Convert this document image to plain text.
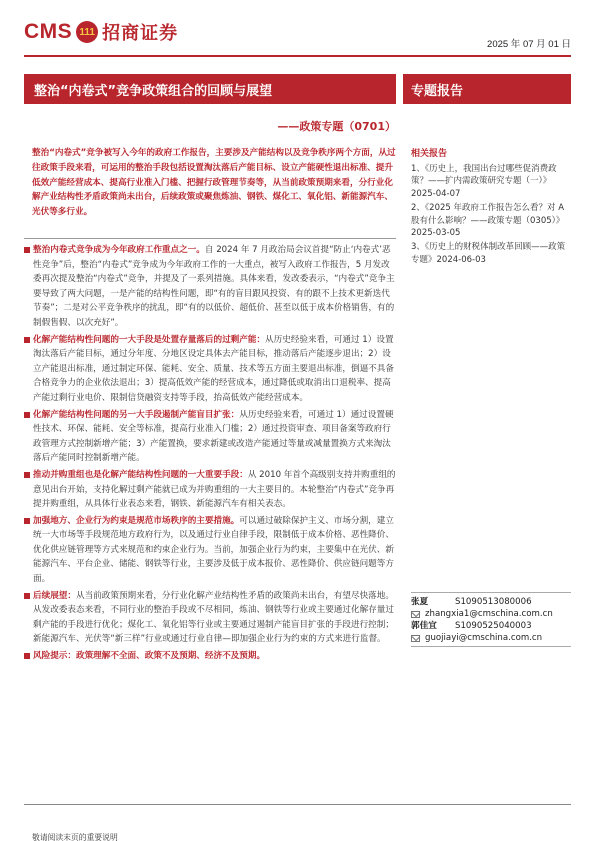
CMS 111 招商证券
2025 年 07 月 01 日
整治“内卷式”竞争政策组合的回顾与展望	专题报告
——政策专题（0701）
整治“内卷式”竞争被写入今年的政府工作报告，主要涉及产能结构以及竞争秩序两个方面，从过往政策手段来看，可运用的整治手段包括设置淘汰落后产能目标、设立产能硬性退出标准、提升低效产能经营成本、提高行业准入门槛、把握行政管理节奏等，从当前政策预期来看，分行业化解产业结构性矛盾政策尚未出台，后续政策或聚焦炼油、钢铁、煤化工、氧化铝、新能源汽车、光伏等多行业。
整治内卷式竞争成为今年政府工作重点之一。自 2024 年 7 月政治局会议首提“防止‘内卷式’恶性竞争”后，整治“内卷式”竞争成为今年政府工作的一大重点，被写入政府工作报告，5 月发改委再次提及整治“内卷式”竞争，并提及了一系列措施。具体来看，发改委表示，“内卷式”竞争主要导致了两大问题，一是产能的结构性问题，即“有的盲目跟风投资、有的跟不上技术更新迭代节奏”；二是对公平竞争秩序的扰乱，即“有的以低价、超低价、甚至以低于成本价格销售，有的制假售假、以次充好”。
化解产能结构性问题的一大手段是处置存量落后的过剩产能：从历史经验来看，可通过 1）设置淘汰落后产能目标，通过分年度、分地区设定具体去产能目标，推动落后产能逐步退出；2）设立产能退出标准，通过制定环保、能耗、安全、质量、技术等五方面主要退出标准，倒逼不具备合格竞争力的企业依法退出；3）提高低效产能的经营成本，通过降低或取消出口退税率、提高产能过剩行业电价、限制信贷融资支持等手段，抬高低效产能经营成本。
化解产能结构性问题的另一大手段遏制产能盲目扩张：从历史经验来看，可通过 1）通过设置硬性技术、环保、能耗、安全等标准，提高行业准入门槛；2）通过投资审查、项目备案等政府行政管理方式控制新增产能；3）产能置换，要求新建或改造产能通过等量或减量置换方式来淘汰落后产能同时控制新增产能。
推动并购重组也是化解产能结构性问题的一大重要手段：从 2010 年首个高级别支持并购重组的意见出台开始，支持化解过剩产能就已成为并购重组的一大主要目的。本轮整治“内卷式”竞争再提并购重组，从具体行业表态来看，钢铁、新能源汽车有相关表态。
加强地方、企业行为约束是规范市场秩序的主要措施。可以通过破除保护主义、市场分割，建立统一大市场等手段规范地方政府行为，以及通过行业自律手段，限制低于成本价格、恶性降价、优化供应链管理等方式来规范和约束企业行为。当前，加强企业行为约束，主要集中在光伏、新能源汽车、平台企业、储能、钢铁等行业，主要涉及低于成本报价、恶性降价、供应链问题等方面。
后续展望：从当前政策预期来看，分行业化解产业结构性矛盾的政策尚未出台，有望尽快落地。从发改委表态来看，不同行业的整治手段或不尽相同，炼油、钢铁等行业或主要通过化解存量过剩产能的手段进行优化；煤化工、氧化铝等行业或主要通过遏制产能盲目扩张的手段进行控制；新能源汽车、光伏等“新三样”行业或通过行业自律—即加强企业行为约束的方式来进行监督。
风险提示：政策理解不全面、政策不及预期、经济不及预期。
相关报告
1、《历史上，我国出台过哪些促消费政策？——扩内需政策研究专题（一）》2025-04-07
2、《2025 年政府工作报告怎么看？对 A 股有什么影响？——政策专题（0305）》2025-03-05
3、《历史上的财税体制改革回顾——政策专题》2024-06-03
张夏	S1090513080006
zhangxia1@cmschina.com.cn
郭佳宜	S1090525040003
guojiayi@cmschina.com.cn
敬请阅读末页的重要说明
